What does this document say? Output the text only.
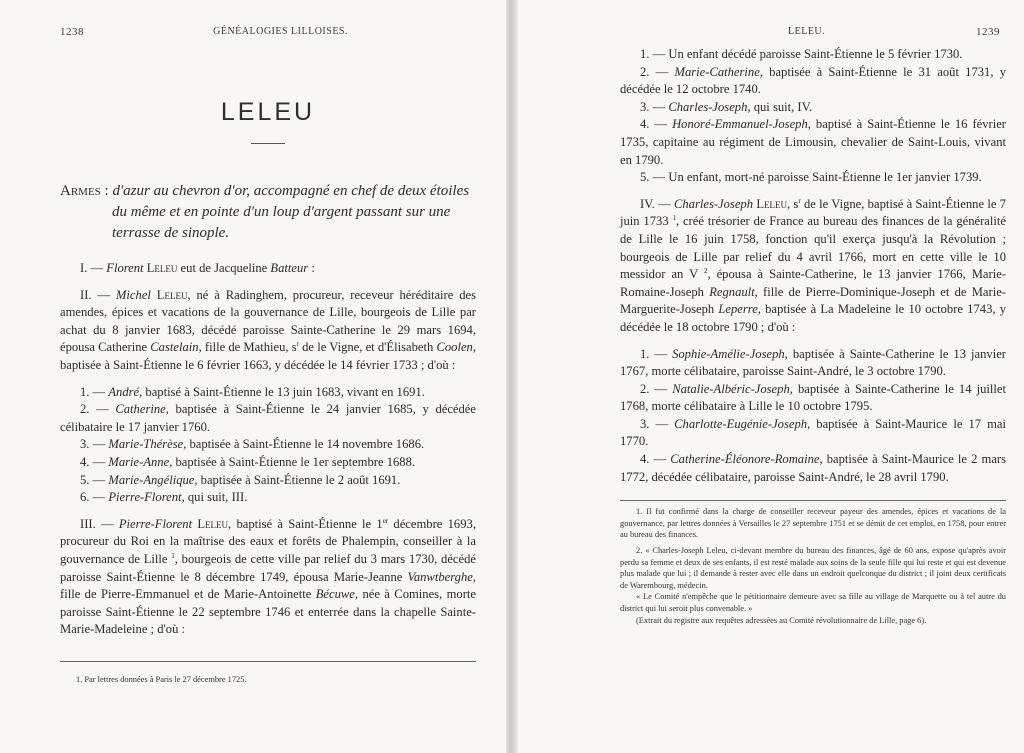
1238	GÉNÉALOGIES LILLOISES.
LELEU

Armes : d'azur au chevron d'or, accompagné en chef de deux étoiles du même et en pointe d'un loup d'argent passant sur une terrasse de sinople.

I. — Florent Leleu eut de Jacqueline Batteur :

II. — Michel Leleu, né à Radinghem, procureur, receveur héréditaire des amendes, épices et vacations de la gouvernance de Lille, bourgeois de Lille par achat du 8 janvier 1683, décédé paroisse Sainte-Catherine le 29 mars 1694, épousa Catherine Castelain, fille de Mathieu, $s^r$ de le Vigne, et d'Élisabeth Coolen, baptisée à Saint-Étienne le 6 février 1663, y décédée le 14 février 1733 ; d'où :

1. — André, baptisé à Saint-Étienne le 13 juin 1683, vivant en 1691.

2. — Catherine, baptisée à Saint-Étienne le 24 janvier 1685, y décédée célibataire le 17 janvier 1760.

3. — Marie-Thérèse, baptisée à Saint-Étienne le 14 novembre 1686.

4. — Marie-Anne, baptisée à Saint-Étienne le 1er septembre 1688.

5. — Marie-Angélique, baptisée à Saint-Étienne le 2 août 1691.

6. — Pierre-Florent, qui suit, III.

III. — Pierre-Florent Leleu, baptisé à Saint-Étienne le 1er décembre 1693, procureur du Roi en la maîtrise des eaux et forêts de Phalempin, conseiller à la gouvernance de Lille $^1$, bourgeois de cette ville par relief du 3 mars 1730, décédé paroisse Saint-Étienne le 8 décembre 1749, épousa Marie-Jeanne Vanwtberghe, fille de Pierre-Emmanuel et de Marie-Antoinette Bécuwe, née à Comines, morte paroisse Saint-Étienne le 22 septembre 1746 et enterrée dans la chapelle Sainte-Marie-Madeleine ; d'où :

1. Par lettres données à Paris le 27 décembre 1725.

LELEU.	1239

1. — Un enfant décédé paroisse Saint-Étienne le 5 février 1730.

2. — Marie-Catherine, baptisée à Saint-Étienne le 31 août 1731, y décédée le 12 octobre 1740.

3. — Charles-Joseph, qui suit, IV.

4. — Honoré-Emmanuel-Joseph, baptisé à Saint-Étienne le 16 février 1735, capitaine au régiment de Limousin, chevalier de Saint-Louis, vivant en 1790.

5. — Un enfant, mort-né paroisse Saint-Étienne le 1er janvier 1739.

IV. — Charles-Joseph Leleu, $s^r$ de le Vigne, baptisé à Saint-Étienne le 7 juin 1733 $^1$, créé trésorier de France au bureau des finances de la généralité de Lille le 16 juin 1758, fonction qu'il exerça jusqu'à la Révolution ; bourgeois de Lille par relief du 4 avril 1766, mort en cette ville le 10 messidor an V $^2$, épousa à Sainte-Catherine, le 13 janvier 1766, Marie-Romaine-Joseph Regnault, fille de Pierre-Dominique-Joseph et de Marie-Marguerite-Joseph Leperre, baptisée à La Madeleine le 10 octobre 1743, y décédée le 18 octobre 1790 ; d'où :

1. — Sophie-Amélie-Joseph, baptisée à Sainte-Catherine le 13 janvier 1767, morte célibataire, paroisse Saint-André, le 3 octobre 1790.

2. — Natalie-Albéric-Joseph, baptisée à Sainte-Catherine le 14 juillet 1768, morte célibataire à Lille le 10 octobre 1795.

3. — Charlotte-Eugénie-Joseph, baptisée à Saint-Maurice le 17 mai 1770.

4. — Catherine-Éléonore-Romaine, baptisée à Saint-Maurice le 2 mars 1772, décédée célibataire, paroisse Saint-André, le 28 avril 1790.

1. Il fut confirmé dans la charge de conseiller receveur payeur des amendes, épices et vacations de la gouvernance, par lettres données à Versailles le 27 septembre 1751 et se démit de cet emploi, en 1758, pour entrer au bureau des finances.

2. « Charles-Joseph Leleu, ci-devant membre du bureau des finances, âgé de 60 ans, expose qu'après avoir perdu sa femme et deux de ses enfants, il est resté malade aux soins de la seule fille qui lui reste et qui est devenue plus malade que lui ; il demande à rester avec elle dans un endroit quelconque du district ; il joint deux certificats de Warembourg, médecin.

« Le Comité n'empêche que le pétitionnaire demeure avec sa fille au village de Marquette ou à tel autre du district qui lui seroit plus convenable. »

(Extrait du registre aux requêtes adressées au Comité révolutionnaire de Lille, page 6).
